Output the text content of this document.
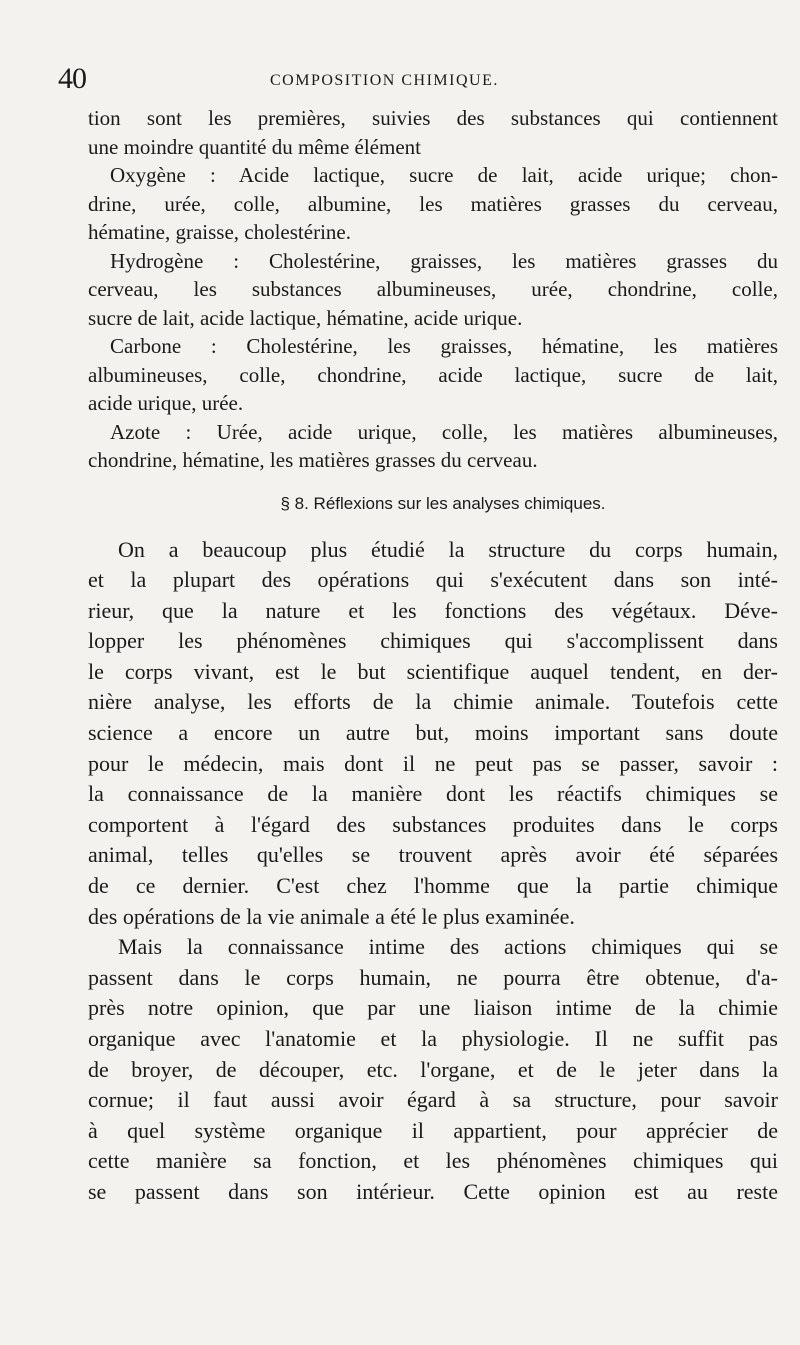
40	COMPOSITION CHIMIQUE.
tion sont les premières, suivies des substances qui contiennent
une moindre quantité du même élément
Oxygène : Acide lactique, sucre de lait, acide urique; chon-
drine, urée, colle, albumine, les matières grasses du cerveau,
hématine, graisse, cholestérine.
Hydrogène : Cholestérine, graisses, les matières grasses du
cerveau, les substances albumineuses, urée, chondrine, colle,
sucre de lait, acide lactique, hématine, acide urique.
Carbone : Cholestérine, les graisses, hématine, les matières
albumineuses, colle, chondrine, acide lactique, sucre de lait,
acide urique, urée.
Azote : Urée, acide urique, colle, les matières albumineuses,
chondrine, hématine, les matières grasses du cerveau.
§ 8. Réflexions sur les analyses chimiques.
On a beaucoup plus étudié la structure du corps humain,
et la plupart des opérations qui s'exécutent dans son inté-
rieur, que la nature et les fonctions des végétaux. Déve-
lopper les phénomènes chimiques qui s'accomplissent dans
le corps vivant, est le but scientifique auquel tendent, en der-
nière analyse, les efforts de la chimie animale. Toutefois cette
science a encore un autre but, moins important sans doute
pour le médecin, mais dont il ne peut pas se passer, savoir :
la connaissance de la manière dont les réactifs chimiques se
comportent à l'égard des substances produites dans le corps
animal, telles qu'elles se trouvent après avoir été séparées
de ce dernier. C'est chez l'homme que la partie chimique
des opérations de la vie animale a été le plus examinée.
Mais la connaissance intime des actions chimiques qui se
passent dans le corps humain, ne pourra être obtenue, d'a-
près notre opinion, que par une liaison intime de la chimie
organique avec l'anatomie et la physiologie. Il ne suffit pas
de broyer, de découper, etc. l'organe, et de le jeter dans la
cornue; il faut aussi avoir égard à sa structure, pour savoir
à quel système organique il appartient, pour apprécier de
cette manière sa fonction, et les phénomènes chimiques qui
se passent dans son intérieur. Cette opinion est au reste
